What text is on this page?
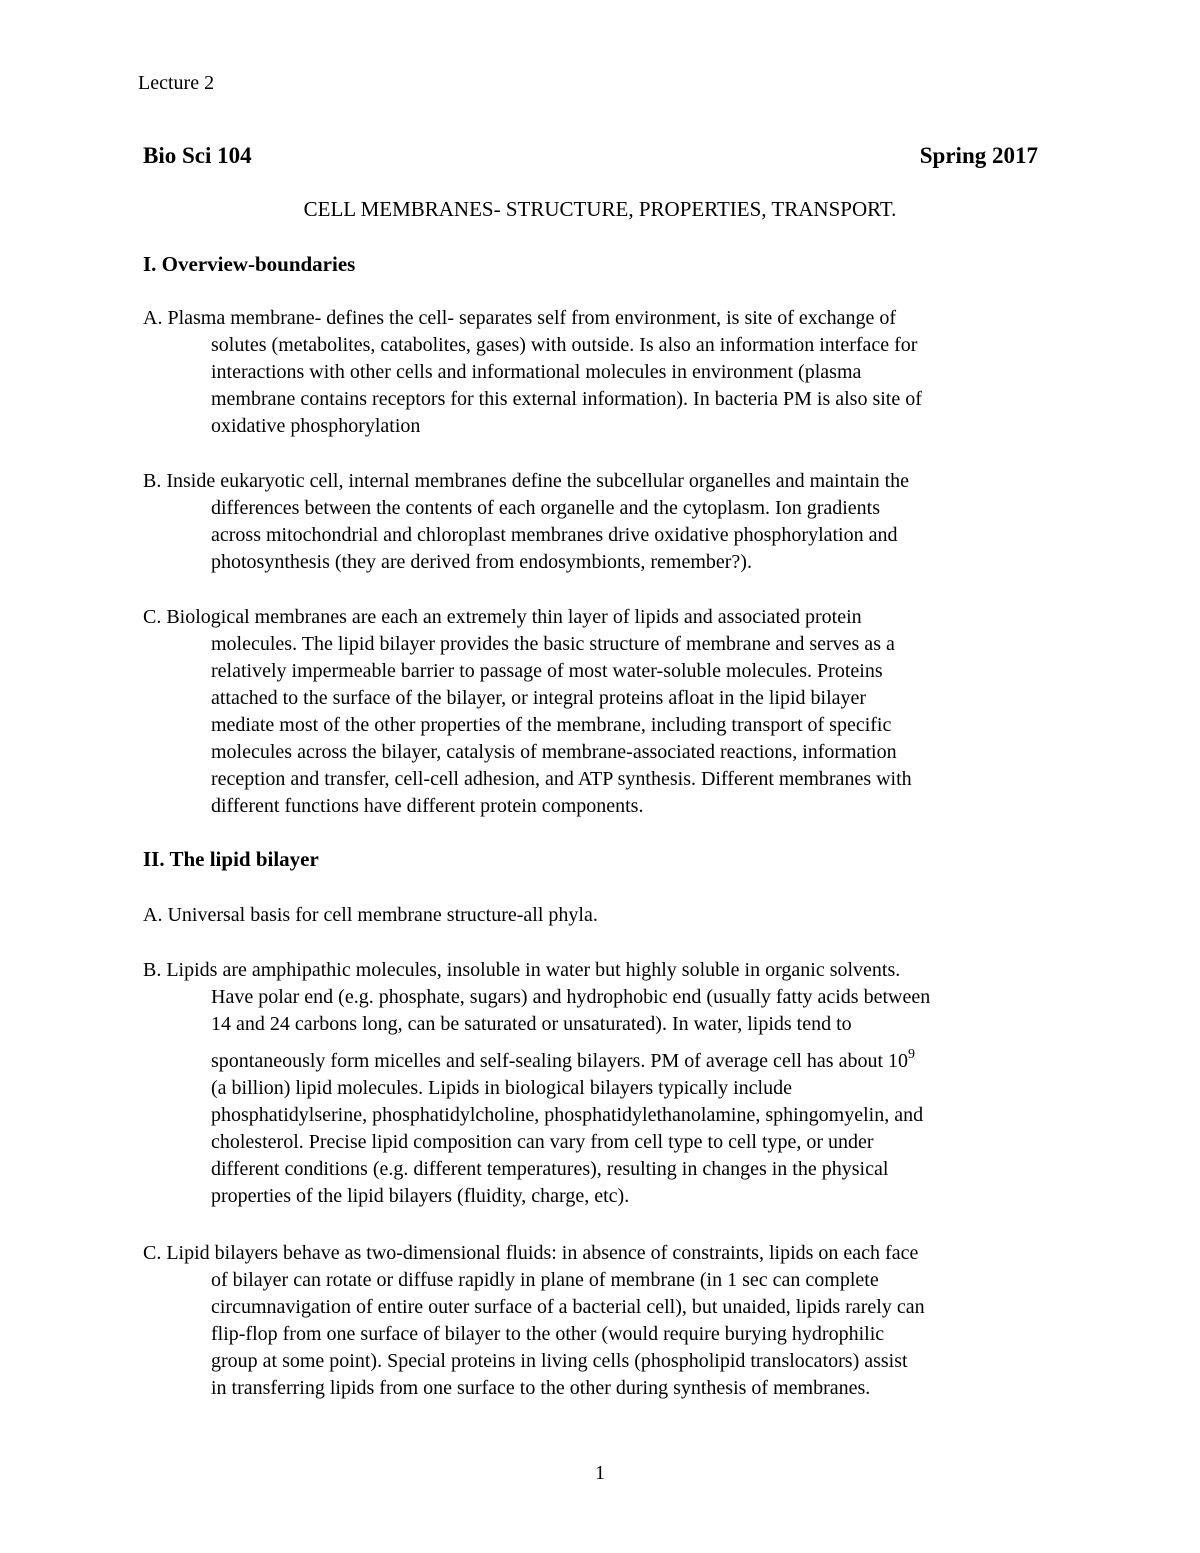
Lecture 2
Bio Sci 104	Spring 2017
CELL MEMBRANES- STRUCTURE, PROPERTIES, TRANSPORT.
I. Overview-boundaries
A. Plasma membrane- defines the cell- separates self from environment, is site of exchange of
solutes (metabolites, catabolites, gases) with outside. Is also an information interface for
interactions with other cells and informational molecules in environment (plasma
membrane contains receptors for this external information). In bacteria PM is also site of
oxidative phosphorylation
B. Inside eukaryotic cell, internal membranes define the subcellular organelles and maintain the
differences between the contents of each organelle and the cytoplasm. Ion gradients
across mitochondrial and chloroplast membranes drive oxidative phosphorylation and
photosynthesis (they are derived from endosymbionts, remember?).
C. Biological membranes are each an extremely thin layer of lipids and associated protein
molecules. The lipid bilayer provides the basic structure of membrane and serves as a
relatively impermeable barrier to passage of most water-soluble molecules. Proteins
attached to the surface of the bilayer, or integral proteins afloat in the lipid bilayer
mediate most of the other properties of the membrane, including transport of specific
molecules across the bilayer, catalysis of membrane-associated reactions, information
reception and transfer, cell-cell adhesion, and ATP synthesis. Different membranes with
different functions have different protein components.
II. The lipid bilayer
A. Universal basis for cell membrane structure-all phyla.
B. Lipids are amphipathic molecules, insoluble in water but highly soluble in organic solvents.
Have polar end (e.g. phosphate, sugars) and hydrophobic end (usually fatty acids between
14 and 24 carbons long, can be saturated or unsaturated). In water, lipids tend to
spontaneously form micelles and self-sealing bilayers. PM of average cell has about $10^9$
(a billion) lipid molecules. Lipids in biological bilayers typically include
phosphatidylserine, phosphatidylcholine, phosphatidylethanolamine, sphingomyelin, and
cholesterol. Precise lipid composition can vary from cell type to cell type, or under
different conditions (e.g. different temperatures), resulting in changes in the physical
properties of the lipid bilayers (fluidity, charge, etc).
C. Lipid bilayers behave as two-dimensional fluids: in absence of constraints, lipids on each face
of bilayer can rotate or diffuse rapidly in plane of membrane (in 1 sec can complete
circumnavigation of entire outer surface of a bacterial cell), but unaided, lipids rarely can
flip-flop from one surface of bilayer to the other (would require burying hydrophilic
group at some point). Special proteins in living cells (phospholipid translocators) assist
in transferring lipids from one surface to the other during synthesis of membranes.
1
